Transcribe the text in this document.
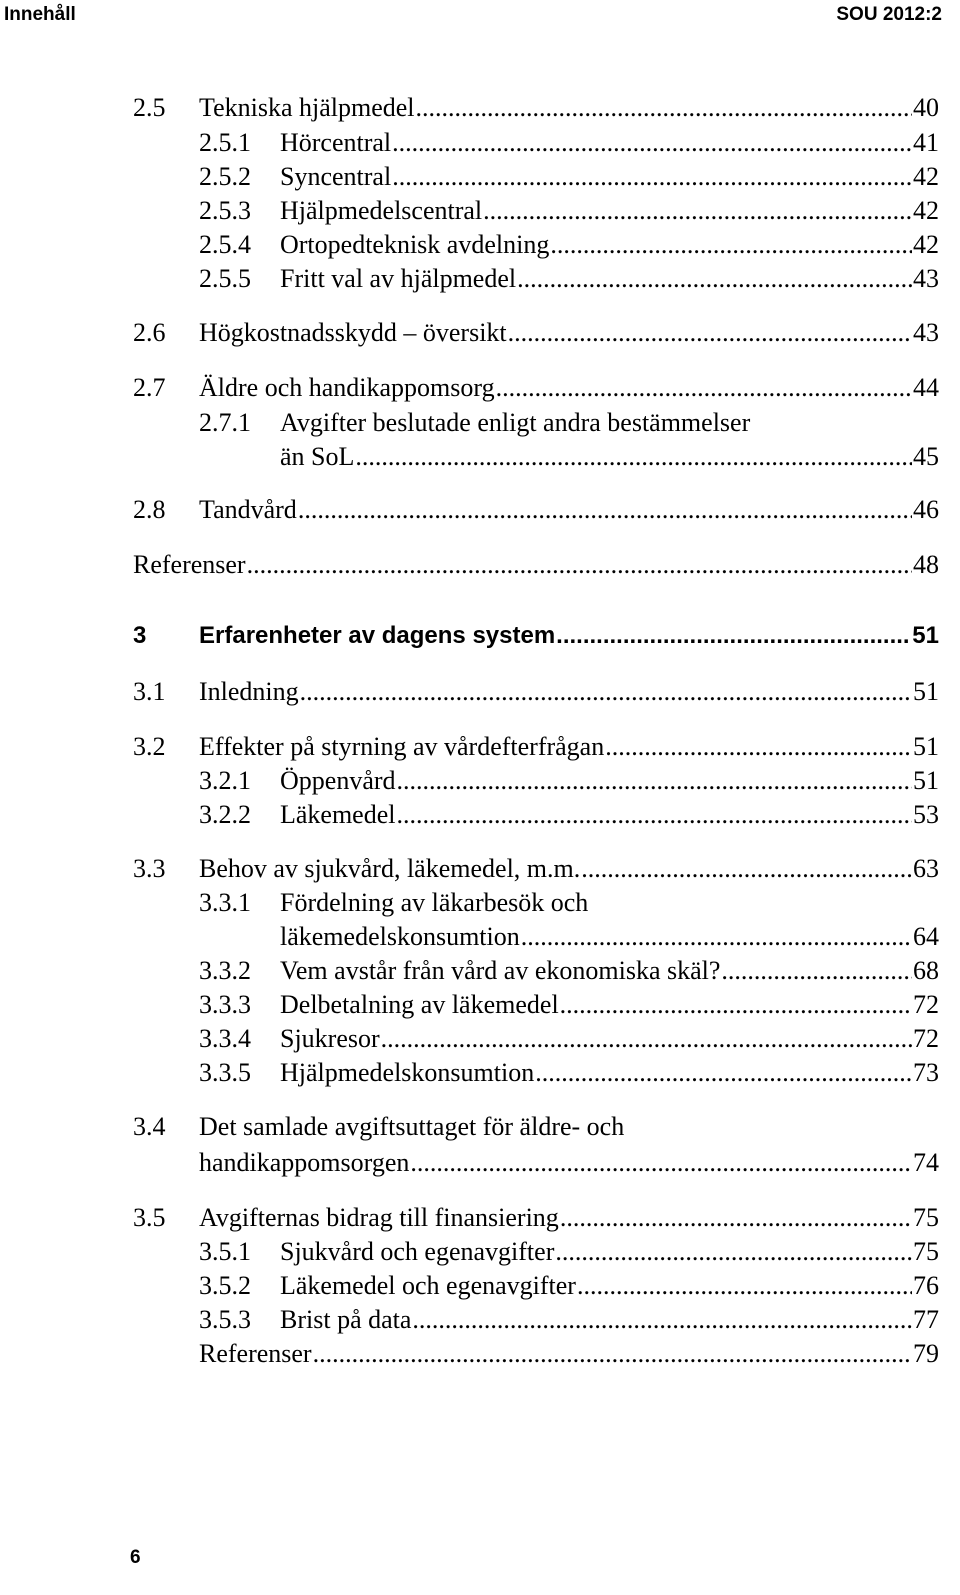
Innehåll	SOU 2012:2
2.5 Tekniska hjälpmedel .....	40
2.5.1 Hörcentral .....	41
2.5.2 Syncentral .....	42
2.5.3 Hjälpmedelscentral .....	42
2.5.4 Ortopedteknisk avdelning .....	42
2.5.5 Fritt val av hjälpmedel .....	43
2.6 Högkostnadsskydd – översikt .....	43
2.7 Äldre och handikappomsorg .....	44
2.7.1 Avgifter beslutade enligt andra bestämmelser
än SoL .....	45
2.8 Tandvård .....	46
Referenser .....	48
3 Erfarenheter av dagens system .....	51
3.1 Inledning .....	51
3.2 Effekter på styrning av vårdefterfrågan .....	51
3.2.1 Öppenvård .....	51
3.2.2 Läkemedel .....	53
3.3 Behov av sjukvård, läkemedel, m.m. .....	63
3.3.1 Fördelning av läkarbesök och
läkemedelskonsumtion .....	64
3.3.2 Vem avstår från vård av ekonomiska skäl? .....	68
3.3.3 Delbetalning av läkemedel .....	72
3.3.4 Sjukresor .....	72
3.3.5 Hjälpmedelskonsumtion .....	73
3.4 Det samlade avgiftsuttaget för äldre- och
handikappomsorgen .....	74
3.5 Avgifternas bidrag till finansiering .....	75
3.5.1 Sjukvård och egenavgifter .....	75
3.5.2 Läkemedel och egenavgifter .....	76
3.5.3 Brist på data .....	77
Referenser .....	79
6
